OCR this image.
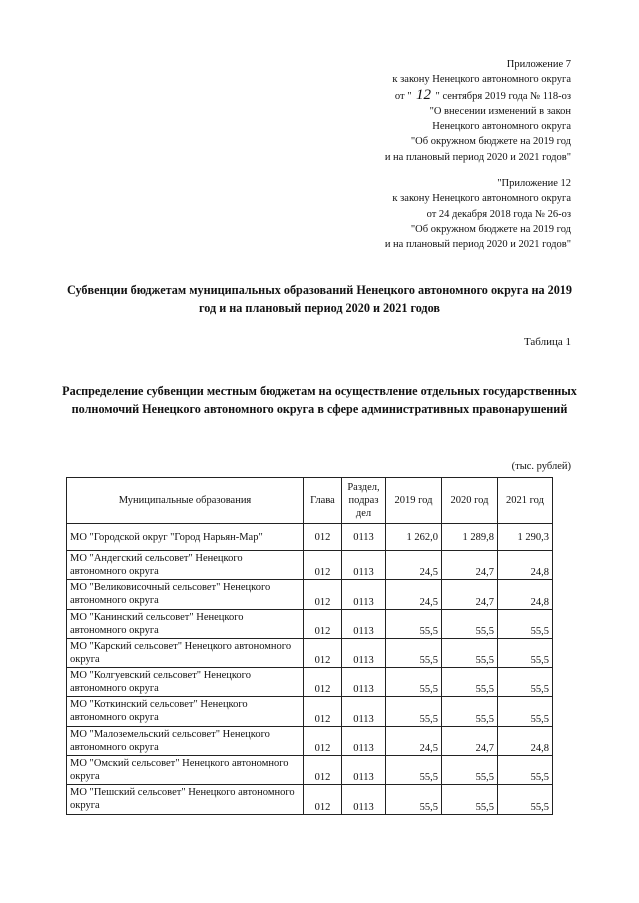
Приложение 7
к закону Ненецкого автономного округа
от " 12 " сентября 2019 года № 118-оз
"О внесении изменений в закон
Ненецкого автономного округа
"Об окружном бюджете на 2019 год
и на плановый период 2020 и 2021 годов"
"Приложение 12
к закону Ненецкого автономного округа
от 24 декабря 2018 года № 26-оз
"Об окружном бюджете на 2019 год
и на плановый период 2020 и 2021 годов"
Субвенции бюджетам муниципальных образований Ненецкого автономного округа на 2019 год и на плановый период 2020 и 2021 годов
Таблица 1
Распределение субвенции местным бюджетам на осуществление отдельных государственных полномочий Ненецкого автономного округа в сфере административных правонарушений
(тыс. рублей)
Муниципальные образования	Глава	Раздел, подраз дел	2019 год	2020 год	2021 год
МО "Городской округ "Город Нарьян-Мар"	012	0113	1 262,0	1 289,8	1 290,3
МО "Андегский сельсовет" Ненецкого автономного округа	012	0113	24,5	24,7	24,8
МО "Великовисочный сельсовет" Ненецкого автономного округа	012	0113	24,5	24,7	24,8
МО "Канинский сельсовет" Ненецкого автономного округа	012	0113	55,5	55,5	55,5
МО "Карский сельсовет" Ненецкого автономного округа	012	0113	55,5	55,5	55,5
МО "Колгуевский сельсовет" Ненецкого автономного округа	012	0113	55,5	55,5	55,5
МО "Коткинский сельсовет" Ненецкого автономного округа	012	0113	55,5	55,5	55,5
МО "Малоземельский сельсовет" Ненецкого автономного округа	012	0113	24,5	24,7	24,8
МО "Омский сельсовет" Ненецкого автономного округа	012	0113	55,5	55,5	55,5
МО "Пешский сельсовет" Ненецкого автономного округа	012	0113	55,5	55,5	55,5
